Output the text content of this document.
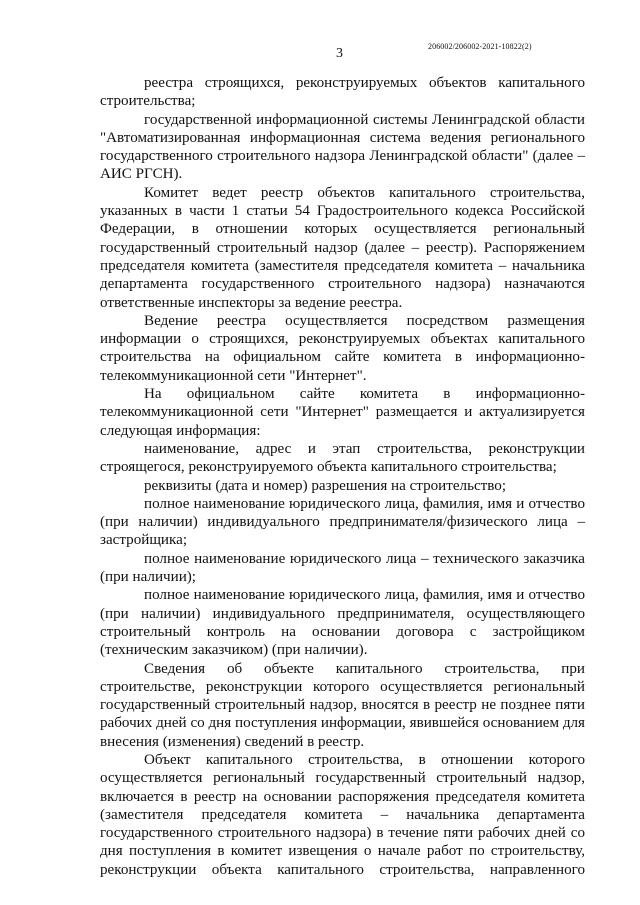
3	206002/206002-2021-10822(2)

реестра строящихся, реконструируемых объектов капитального строительства;

государственной информационной системы Ленинградской области "Автоматизированная информационная система ведения регионального государственного строительного надзора Ленинградской области" (далее – АИС РГСН).

Комитет ведет реестр объектов капитального строительства, указанных в части 1 статьи 54 Градостроительного кодекса Российской Федерации, в отношении которых осуществляется региональный государственный строительный надзор (далее – реестр). Распоряжением председателя комитета (заместителя председателя комитета – начальника департамента государственного строительного надзора) назначаются ответственные инспекторы за ведение реестра.

Ведение реестра осуществляется посредством размещения информации о строящихся, реконструируемых объектах капитального строительства на официальном сайте комитета в информационно-телекоммуникационной сети "Интернет".

На официальном сайте комитета в информационно-телекоммуникационной сети "Интернет" размещается и актуализируется следующая информация:

наименование, адрес и этап строительства, реконструкции строящегося, реконструируемого объекта капитального строительства;

реквизиты (дата и номер) разрешения на строительство;

полное наименование юридического лица, фамилия, имя и отчество (при наличии) индивидуального предпринимателя/физического лица – застройщика;

полное наименование юридического лица – технического заказчика (при наличии);

полное наименование юридического лица, фамилия, имя и отчество (при наличии) индивидуального предпринимателя, осуществляющего строительный контроль на основании договора с застройщиком (техническим заказчиком) (при наличии).

Сведения об объекте капитального строительства, при строительстве, реконструкции которого осуществляется региональный государственный строительный надзор, вносятся в реестр не позднее пяти рабочих дней со дня поступления информации, явившейся основанием для внесения (изменения) сведений в реестр.

Объект капитального строительства, в отношении которого осуществляется региональный государственный строительный надзор, включается в реестр на основании распоряжения председателя комитета (заместителя председателя комитета – начальника департамента государственного строительного надзора) в течение пяти рабочих дней со дня поступления в комитет извещения о начале работ по строительству, реконструкции объекта капитального строительства, направленного
